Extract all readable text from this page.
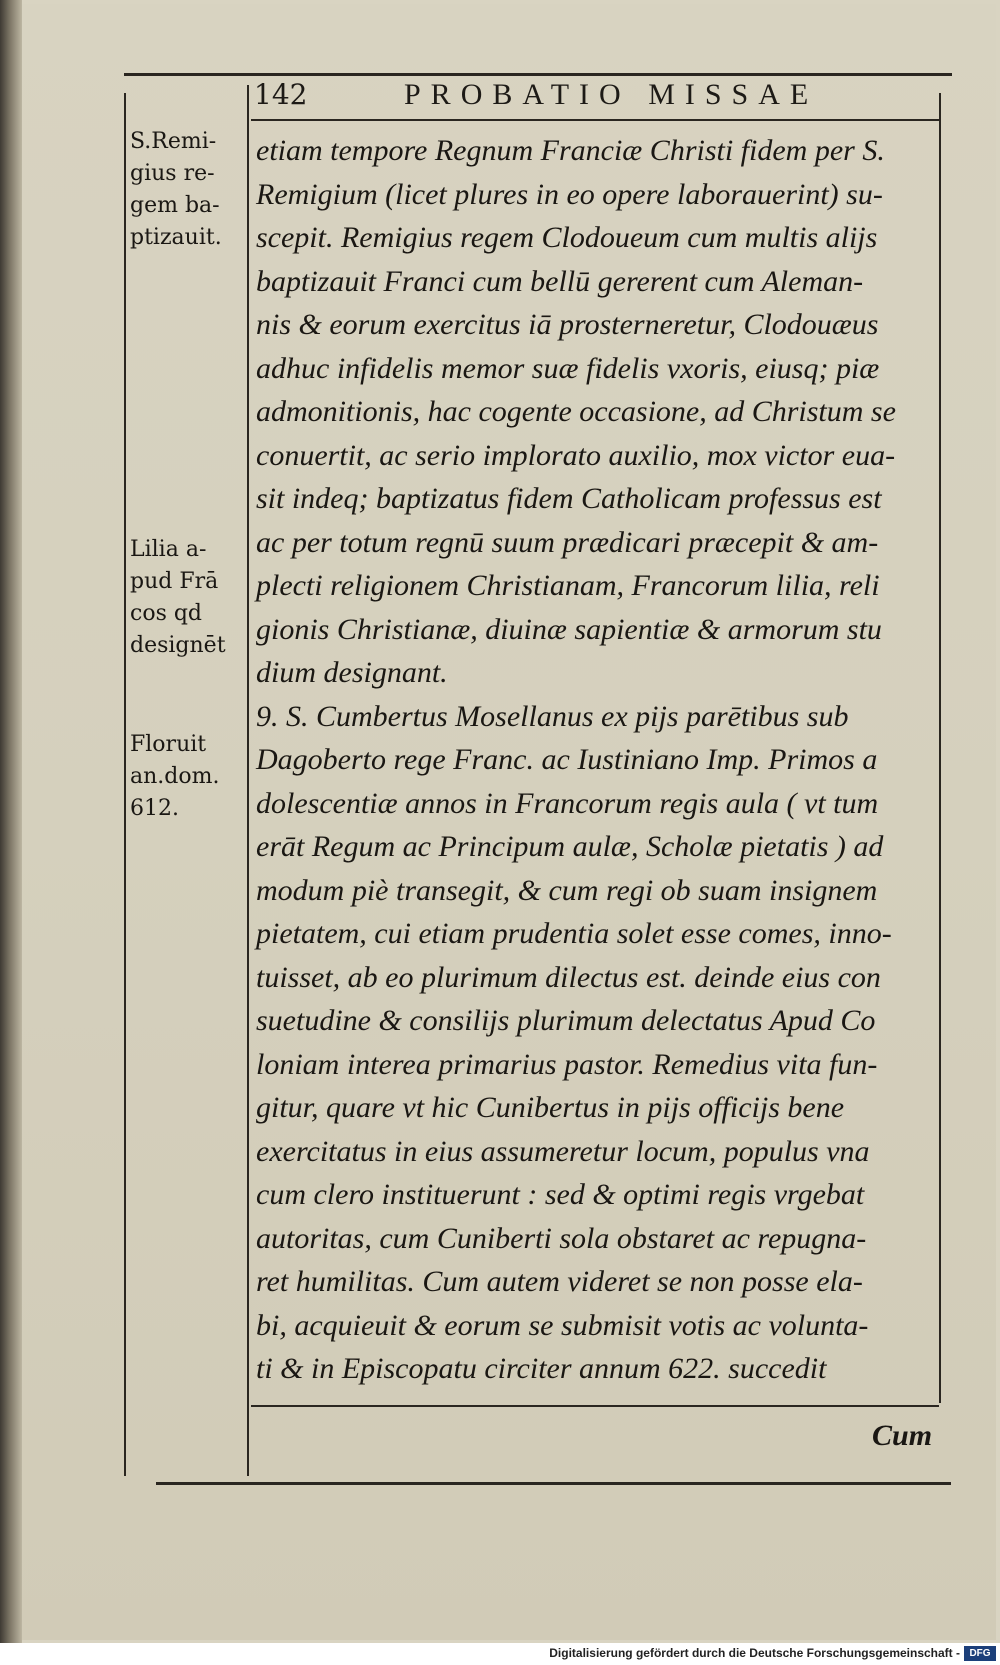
142	PROBATIO MISSAE
etiam tempore Regnum Franciæ Christi fidem per S.
Remigium (licet plures in eo opere laborauerint) su-
scepit. Remigius regem Clodoueum cum multis alijs
baptizauit Franci cum bellū gererent cum Aleman-
nis & eorum exercitus iā prosterneretur, Clodouæus
adhuc infidelis memor suæ fidelis vxoris, eiusq; piæ
admonitionis, hac cogente occasione, ad Christum se
conuertit, ac serio implorato auxilio, mox victor eua-
sit indeq; baptizatus fidem Catholicam professus est
ac per totum regnū suum prædicari præcepit & am-
plecti religionem Christianam, Francorum lilia, reli
gionis Christianæ, diuinæ sapientiæ & armorum stu
dium designant.
9. S. Cumbertus Mosellanus ex pijs parētibus sub
Dagoberto rege Franc. ac Iustiniano Imp. Primos a
dolescentiæ annos in Francorum regis aula ( vt tum
erāt Regum ac Principum aulæ, Scholæ pietatis ) ad
modum piè transegit, & cum regi ob suam insignem
pietatem, cui etiam prudentia solet esse comes, inno-
tuisset, ab eo plurimum dilectus est. deinde eius con
suetudine & consilijs plurimum delectatus Apud Co
loniam interea primarius pastor. Remedius vita fun-
gitur, quare vt hic Cunibertus in pijs officijs bene
exercitatus in eius assumeretur locum, populus vna
cum clero instituerunt : sed & optimi regis vrgebat
autoritas, cum Cuniberti sola obstaret ac repugna-
ret humilitas. Cum autem videret se non posse ela-
bi, acquieuit & eorum se submisit votis ac volunta-
ti & in Episcopatu circiter annum 622. succedit
S.Remi-
gius re-
gem ba-
ptizauit.
Lilia a-
pud Frā
cos qd
designēt
Floruit
an.dom.
612.
Cum
Digitalisierung gefördert durch die Deutsche Forschungsgemeinschaft - DFG
